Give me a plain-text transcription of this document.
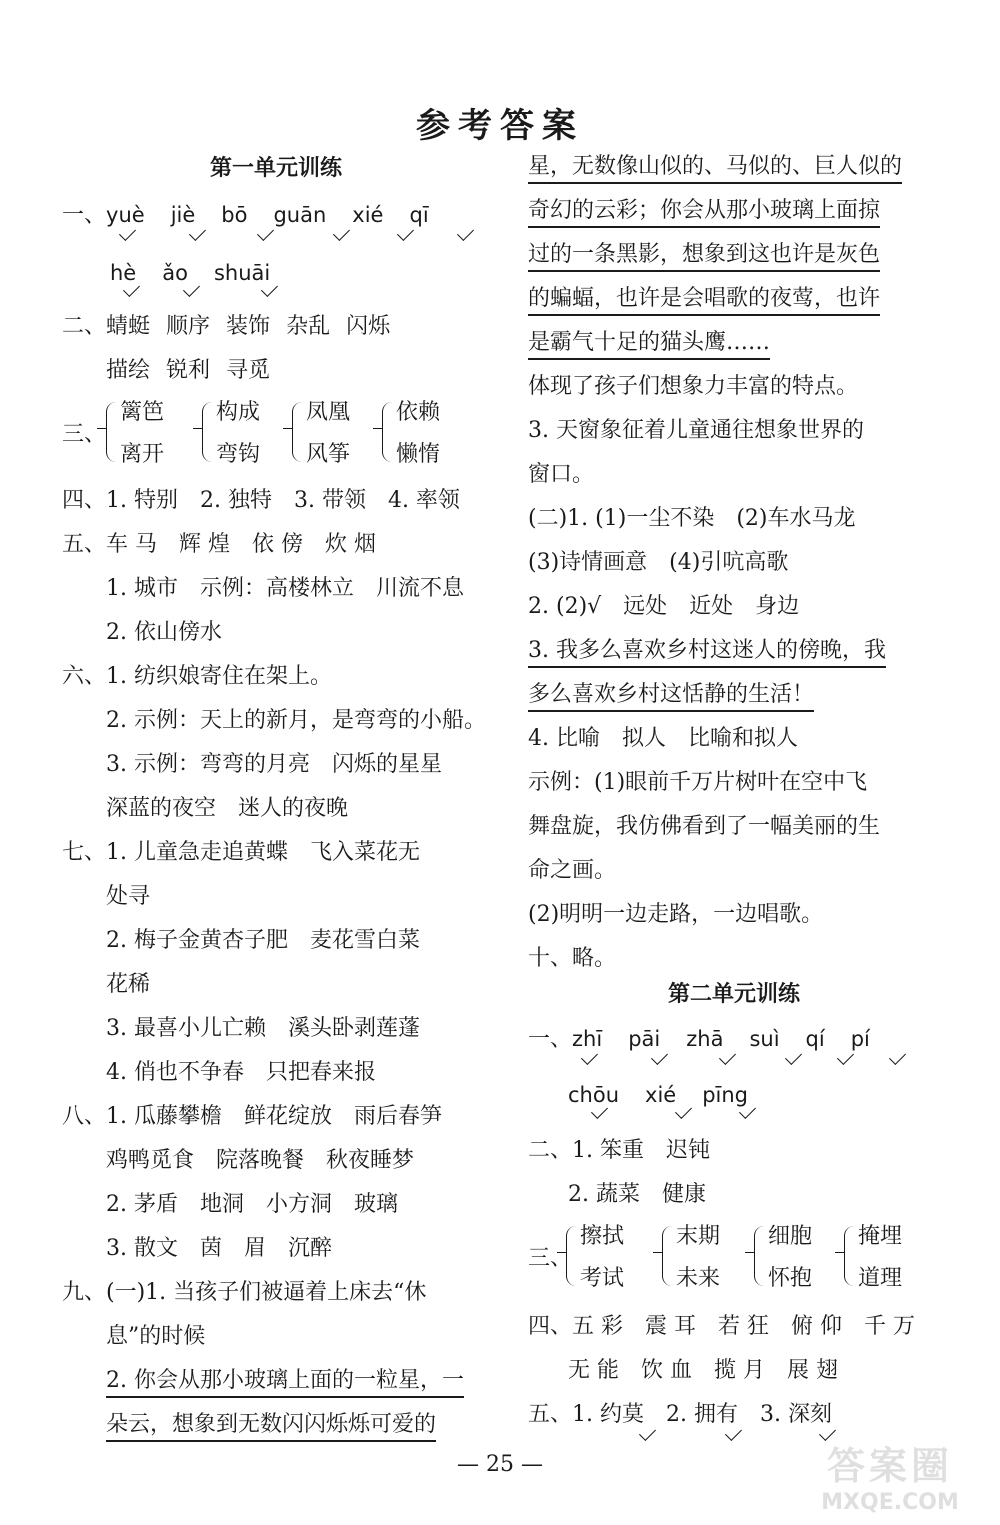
参考答案
第一单元训练
一、yuè jiè bō guān xié qī
hè ǎo shuāi
二、蜻蜓 顺序 装饰 杂乱 闪烁
描绘 锐利 寻觅
三、
篱笆
离开
构成
弯钩
凤凰
风筝
依赖
懒惰
四、1. 特别　2. 独特　3. 带领　4. 率领
五、车 马　辉 煌　依 傍　炊 烟
1. 城市　示例：高楼林立　川流不息
2. 依山傍水
六、1. 纺织娘寄住在架上。
2. 示例：天上的新月，是弯弯的小船。
3. 示例：弯弯的月亮　闪烁的星星
深蓝的夜空　迷人的夜晚
七、1. 儿童急走追黄蝶　飞入菜花无
处寻
2. 梅子金黄杏子肥　麦花雪白菜
花稀
3. 最喜小儿亡赖　溪头卧剥莲蓬
4. 俏也不争春　只把春来报
八、1. 瓜藤攀檐　鲜花绽放　雨后春笋
鸡鸭觅食　院落晚餐　秋夜睡梦
2. 茅盾　地洞　小方洞　玻璃
3. 散文　茵　眉　沉醉
九、(一)1. 当孩子们被逼着上床去“休
息”的时候
2. 你会从那小玻璃上面的一粒星，一
朵云，想象到无数闪闪烁烁可爱的
星，无数像山似的、马似的、巨人似的
奇幻的云彩；你会从那小玻璃上面掠
过的一条黑影，想象到这也许是灰色
的蝙蝠，也许是会唱歌的夜莺，也许
是霸气十足的猫头鹰……
体现了孩子们想象力丰富的特点。
3. 天窗象征着儿童通往想象世界的
窗口。
(二)1. (1)一尘不染　(2)车水马龙
(3)诗情画意　(4)引吭高歌
2. (2)√　远处　近处　身边
3. 我多么喜欢乡村这迷人的傍晚，我
多么喜欢乡村这恬静的生活！
4. 比喻　拟人　比喻和拟人
示例：(1)眼前千万片树叶在空中飞
舞盘旋，我仿佛看到了一幅美丽的生
命之画。
(2)明明一边走路，一边唱歌。
十、略。
第二单元训练
一、zhī pāi zhā suì qí pí
chōu xié pīng
二、1. 笨重　迟钝
2. 蔬菜　健康
三、
擦拭
考试
末期
未来
细胞
怀抱
掩埋
道理
四、五 彩　震 耳　若 狂　俯 仰　千 万
无 能　饮 血　揽 月　展 翅
五、1. 约莫　2. 拥有　3. 深刻
— 25 —	答案圈
MXQE.COM
